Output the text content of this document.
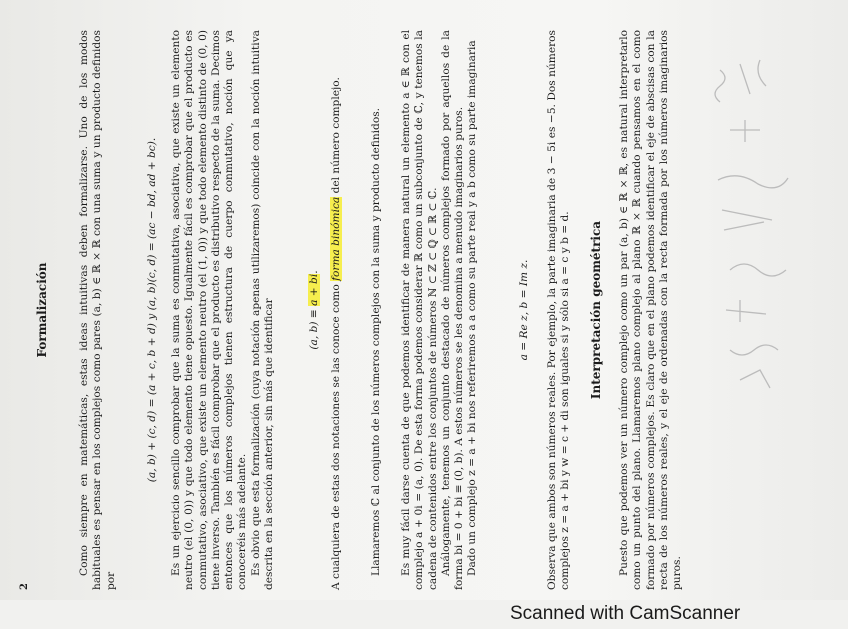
2
Formalización	Como siempre en matemáticas, estas ideas intuitivas deben formalizarse. Uno de los modos habituales es pensar en los complejos como pares (a, b) ∈ ℝ × ℝ con una suma y un producto definidos por

(a, b) + (c, d) = (a + c, b + d) y (a, b)(c, d) = (ac − bd, ad + bc). Es un ejercicio sencillo comprobar que la suma es conmutativa, asociativa, que existe un elemento neutro (el (0, 0)) y que todo elemento tiene opuesto. Igualmente fácil es comprobar que el producto es conmutativo, asociativo, que existe un elemento neutro (el (1, 0)) y que todo elemento distinto de (0, 0) tiene inverso. También es fácil comprobar que el producto es distributivo respecto de la suma. Decimos entonces que los números complejos tienen estructura de cuerpo conmutativo, noción que ya conoceréis más adelante. Es obvio que esta formalización (cuya notación apenas utilizaremos) coincide con la noción intuitiva descrita en la sección anterior, sin más que identificar	(a, b) ≡ a + bi.

A cualquiera de estas dos notaciones se las conoce como forma binómica del número complejo.	Llamaremos ℂ al conjunto de los números complejos con la suma y producto definidos. Es muy fácil darse cuenta de que podemos identificar de manera natural un elemento a ∈ ℝ con el complejo a + 0i = (a, 0). De esta forma podemos considerar ℝ como un subconjunto de ℂ, y tenemos la cadena de contenidos entre los conjuntos de números ℕ ⊂ ℤ ⊂ ℚ ⊂ ℝ ⊂ ℂ. Análogamente, tenemos un conjunto destacado de números complejos formado por aquellos de la forma bi = 0 + bi ≡ (0, b). A estos números se les denomina a menudo imaginarios puros. Dado un complejo z = a + bi nos referiremos a a como su parte real y a b como su parte imaginaria	a = Re z, b = Im z. Observa que ambos son números reales. Por ejemplo, la parte imaginaria de 3 − 5i es −5. Dos números complejos z = a + bi y w = c + di son iguales si y sólo si a = c y b = d. Interpretación geométrica Puesto que podemos ver un número complejo como un par (a, b) ∈ ℝ × ℝ, es natural interpretarlo como un punto del plano. Llamaremos plano complejo al plano ℝ × ℝ cuando pensamos en el como formado por números complejos. Es claro que en el plano podemos identificar el eje de abscisas con la recta de los números reales, y el eje de ordenadas con la recta formada por los números imaginarios puros.

Scanned with CamScanner
